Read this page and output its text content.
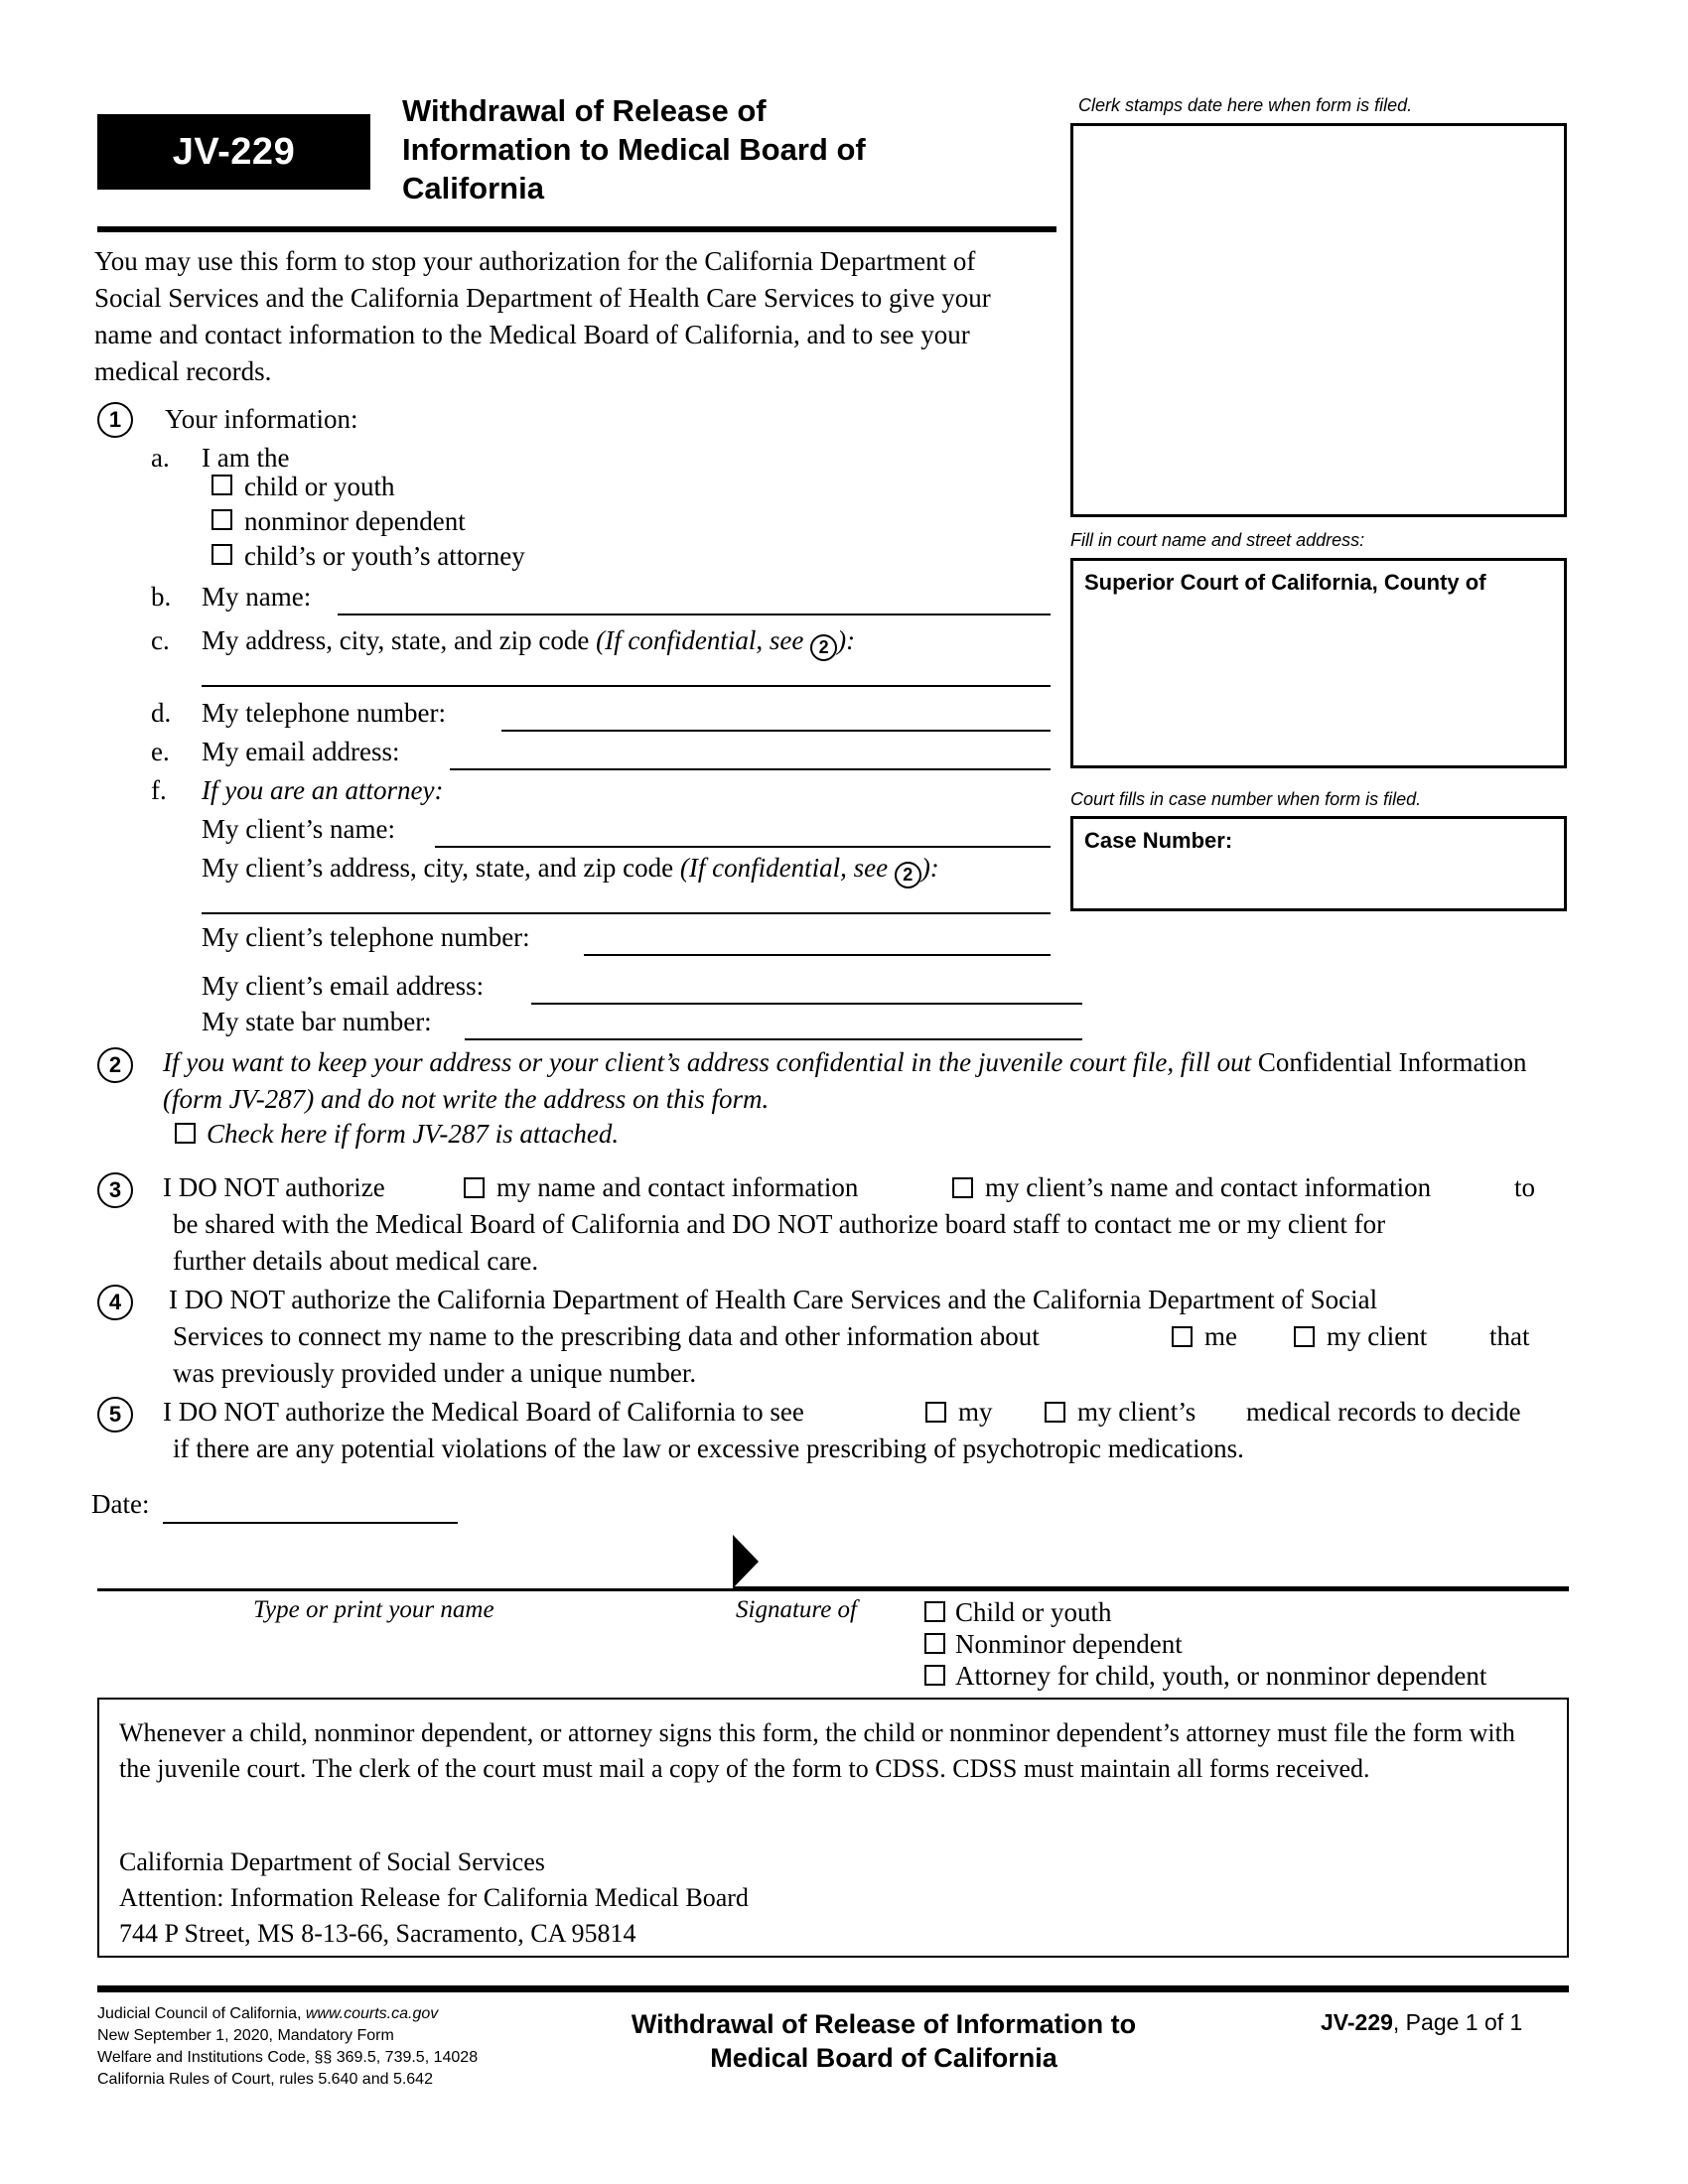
JV-229
Withdrawal of Release of
Information to Medical Board of
California
Clerk stamps date here when form is filed.
Fill in court name and street address:
Superior Court of California, County of
Court fills in case number when form is filed.
Case Number:
You may use this form to stop your authorization for the California Department of Social Services and the California Department of Health Care Services to give your name and contact information to the Medical Board of California, and to see your medical records.
1	Your information:
a. I am the
child or youth
nonminor dependent
child’s or youth’s attorney
b. My name:
c. My address, city, state, and zip code (If confidential, see 2 ):
d. My telephone number:
e. My email address:
f. If you are an attorney:
My client’s name:
My client’s address, city, state, and zip code (If confidential, see 2 ):
My client’s telephone number:
My client’s email address:
My state bar number:
2	If you want to keep your address or your client’s address confidential in the juvenile court file, fill out Confidential Information (form JV-287) and do not write the address on this form.
Check here if form JV-287 is attached.
3	I DO NOT authorize	my name and contact information	my client’s name and contact information	to
be shared with the Medical Board of California and DO NOT authorize board staff to contact me or my client for
further details about medical care.
4	I DO NOT authorize the California Department of Health Care Services and the California Department of Social
Services to connect my name to the prescribing data and other information about	me	my client that
was previously provided under a unique number.
5	I DO NOT authorize the Medical Board of California to see	my	my client’s medical records to decide
if there are any potential violations of the law or excessive prescribing of psychotropic medications.
Date:
Type or print your name	Signature of	Child or youth
Nonminor dependent
Attorney for child, youth, or nonminor dependent
Whenever a child, nonminor dependent, or attorney signs this form, the child or nonminor dependent’s attorney must file the form with the juvenile court. The clerk of the court must mail a copy of the form to CDSS. CDSS must maintain all forms received.
California Department of Social Services
Attention: Information Release for California Medical Board
744 P Street, MS 8-13-66, Sacramento, CA 95814
Judicial Council of California, www.courts.ca.gov
New September 1, 2020, Mandatory Form
Welfare and Institutions Code, §§ 369.5, 739.5, 14028
California Rules of Court, rules 5.640 and 5.642
Withdrawal of Release of Information to
Medical Board of California
JV-229, Page 1 of 1
